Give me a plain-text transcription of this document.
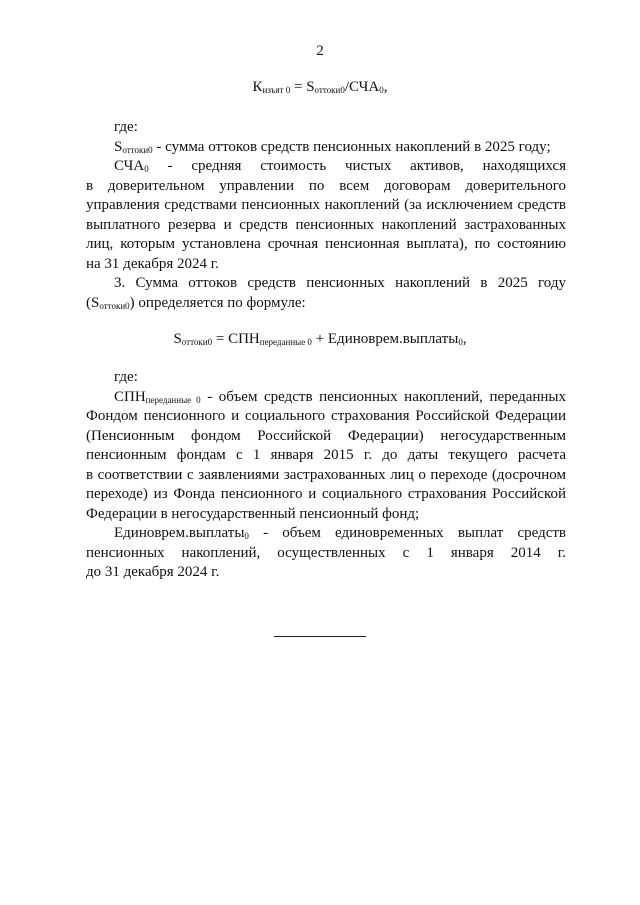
2
$К_{изъят 0} = S_{оттоки0}/СЧА_0$,
где:
$S_{оттоки0}$ - сумма оттоков средств пенсионных накоплений в 2025 году;
$СЧА_0$ - средняя стоимость чистых активов, находящихся
в доверительном управлении по всем договорам доверительного
управления средствами пенсионных накоплений (за исключением средств
выплатного резерва и средств пенсионных накоплений застрахованных
лиц, которым установлена срочная пенсионная выплата), по состоянию
на 31 декабря 2024 г.
3. Сумма оттоков средств пенсионных накоплений в 2025 году
$(S_{оттоки0})$ определяется по формуле:
$S_{оттоки0} = СПН_{переданные 0}$ + Единоврем.выплаты$_0$,
где:
$СПН_{переданные 0}$ - объем средств пенсионных накоплений, переданных
Фондом пенсионного и социального страхования Российской Федерации
(Пенсионным фондом Российской Федерации) негосударственным
пенсионным фондам с 1 января 2015 г. до даты текущего расчета
в соответствии с заявлениями застрахованных лиц о переходе (досрочном
переходе) из Фонда пенсионного и социального страхования Российской
Федерации в негосударственный пенсионный фонд;
Единоврем.выплаты$_0$ - объем единовременных выплат средств
пенсионных накоплений, осуществленных с 1 января 2014 г.
до 31 декабря 2024 г.
